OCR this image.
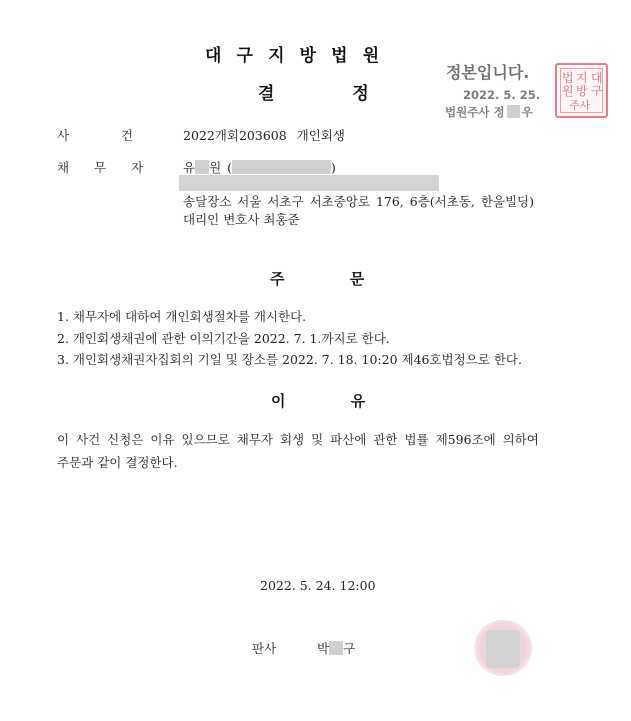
대 구 지 방 법 원
결 정
정본입니다.
2022. 5. 25.
법원주사 정 우
대
구
지
방
법
원
주사
사 건	2022개회203608 개인회생
채 무 자	유 원 (	)
송달장소 서울 서초구 서초중앙로 176, 6층(서초동, 한울빌딩)
대리인 변호사 최홍준
주 문
1. 채무자에 대하여 개인회생절차를 개시한다.
2. 개인회생채권에 관한 이의기간을 2022. 7. 1.까지로 한다.
3. 개인회생채권자집회의 기일 및 장소를 2022. 7. 18. 10:20 제46호법정으로 한다.
이 유
이 사건 신청은 이유 있으므로 채무자 회생 및 파산에 관한 법률 제596조에 의하여
주문과 같이 결정한다.
2022. 5. 24. 12:00
판사	박 구
